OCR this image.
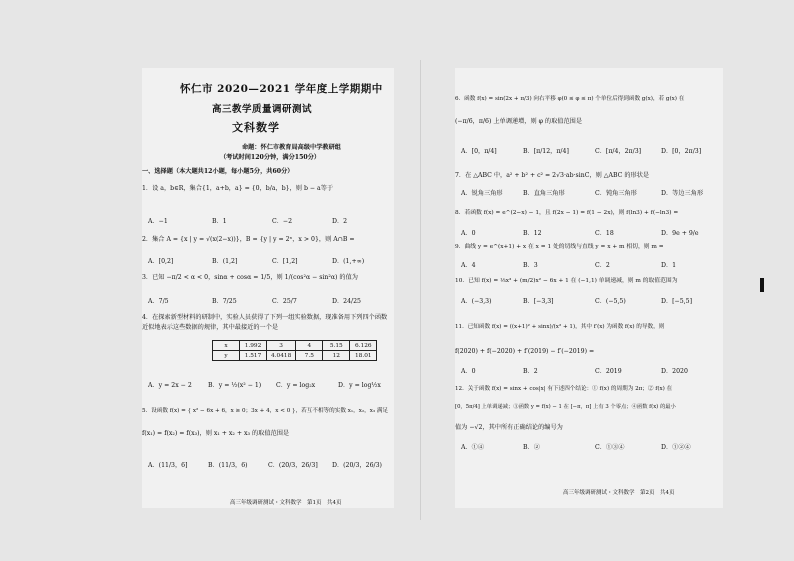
怀仁市 2020—2021 学年度上学期期中
高三教学质量调研测试
文科数学
命题：怀仁市教育局高级中学教研组
（考试时间120分钟，满分150分）
一、选择题（本大题共12小题，每小题5分，共60分）
1．设 a，b∈R，集合{1，a+b，a} = {0，b/a，b}，则 b − a等于
A．−1	B．1	C．−2	D．2
2．集合 A = {x | y = √(x(2−x))}，B = {y | y = 2ˣ，x > 0}，则 A∩B =
A．[0,2]	B．(1,2]	C．[1,2]	D．(1,+∞)
3．已知 −π/2 < α < 0，sinα + cosα = 1/5，则 1/(cos²α − sin²α) 的值为
A．7/5	B．7/25	C．25/7	D．24/25
4．在探索新型材料的研制中，实验人员获得了下列一组实验数据，现准备用下列四个函数
近似地表示这些数据的规律，其中最接近的一个是
x	1.992	3	4	5.15	6.126
y	1.517	4.0418	7.5	12	18.01
A．y = 2x − 2	B．y = ½(x² − 1) C．y = log₂x	D．y = log½x
5．设函数 f(x) = { x² − 6x + 6，x ≥ 0；3x + 4，x < 0 }，若互不相等的实数 x₁，x₂，x₃ 满足
f(x₁) = f(x₂) = f(x₃)，则 x₁ + x₂ + x₃ 的取值范围是
A．(11/3，6]	B．(11/3，6)	C．(20/3，26/3] D．(20/3，26/3)
高三年级调研测试・文科数学　第1页　共4页
6．函数 f(x) = sin(2x + π/3) 向右平移 φ(0 ≤ φ ≤ π) 个单位后得到函数 g(x)，若 g(x) 在
(−π/6，π/6) 上单调递增，则 φ 的取值范围是
A．[0，π/4]	B．[π/12，π/4]	C．[π/4，2π/3]	D．[0，2π/3]
7．在 △ABC 中，a² + b² + c² = 2√3·ab·sinC，则 △ABC 的形状是
A．锐角三角形	B．直角三角形	C．钝角三角形	D．等边三角形
8．若函数 f(x) = e^(2−x) − 1，且 f(2x − 1) = f(1 − 2x)，则 f(ln3) + f(−ln3) =
A．0	B．12	C．18	D．9e + 9/e
9．曲线 y = e^(x+1) + x 在 x = 1 处的切线与直线 y = x + m 相切，则 m =
A．4	B．3	C．2	D．1
10．已知 f(x) = ⅓x³ + (m/2)x² − 6x + 1 在 (−1,1) 单调递减，则 m 的取值范围为
A．(−3,3)	B．[−3,3]	C．(−5,5)	D．[−5,5]
11．已知函数 f(x) = ((x+1)² + sinx)/(x² + 1)，其中 f′(x) 为函数 f(x) 的导数，则
f(2020) + f(−2020) + f′(2019) − f′(−2019) =
A．0	B．2	C．2019	D．2020
12．关于函数 f(x) = sinx + cos|x| 有下述四个结论：① f(x) 的周期为 2π；② f(x) 在
[0，5π/4] 上单调递减；③函数 y = f(x) − 1 在 [−π，π] 上有 3 个零点；④函数 f(x) 的最小
值为 −√2，其中所有正确结论的编号为
A．①④	B．②	C．①③④	D．①②④
高三年级调研测试・文科数学　第2页　共4页
